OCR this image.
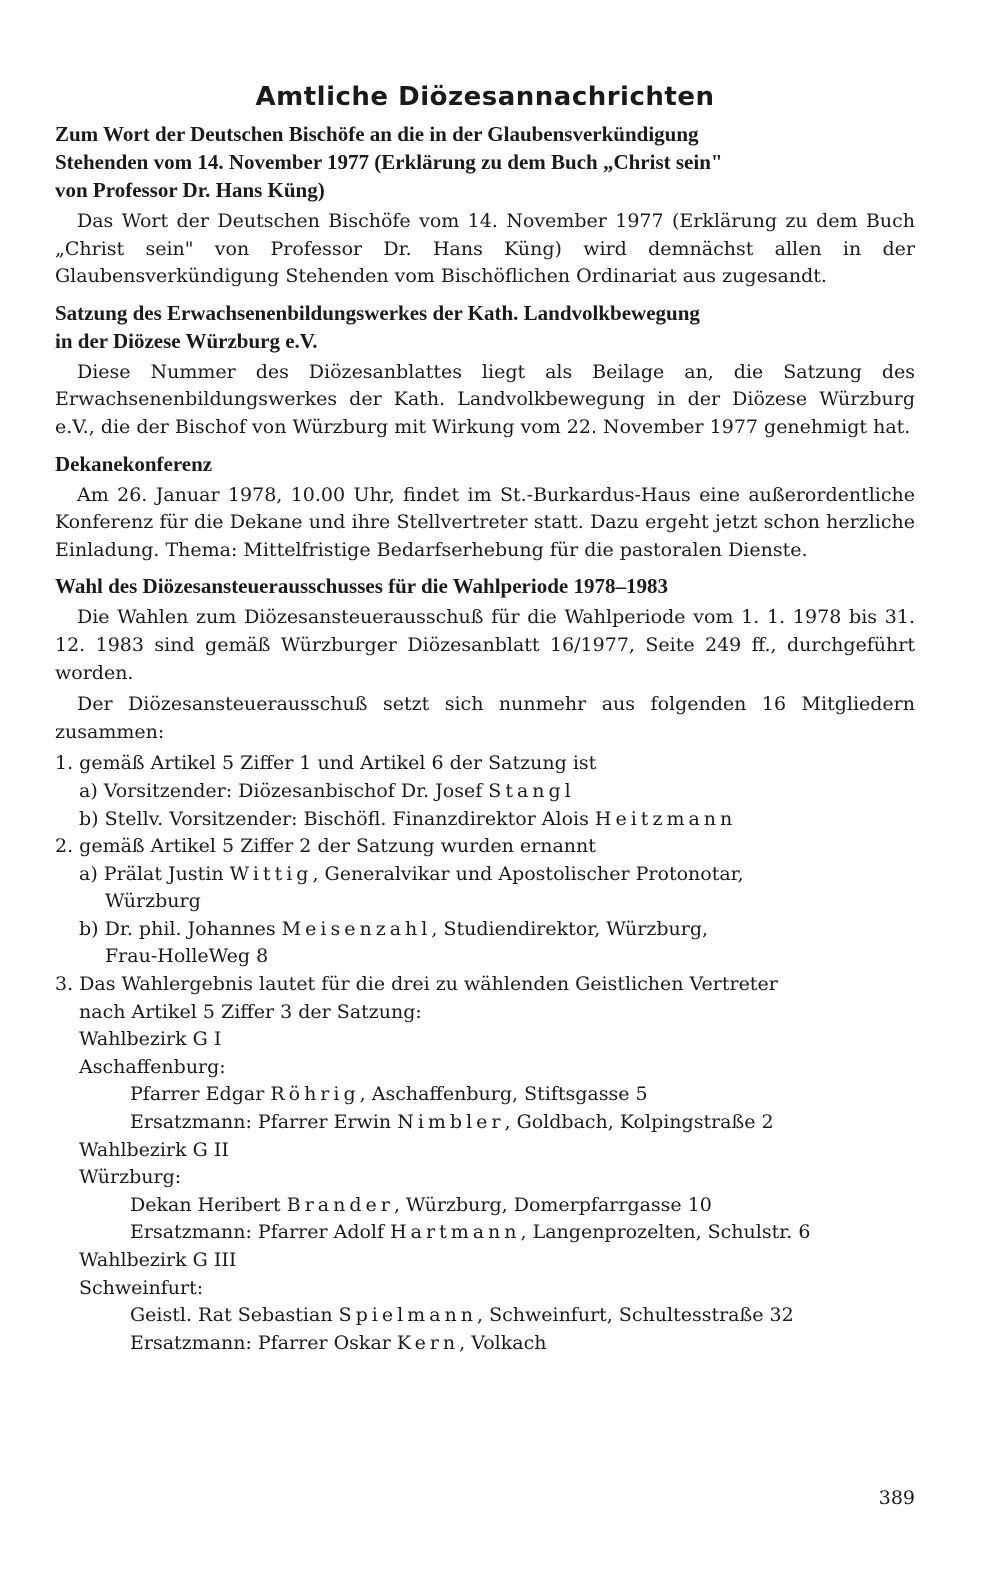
Amtliche Diözesannachrichten

Zum Wort der Deutschen Bischöfe an die in der Glaubensverkündigung
Stehenden vom 14. November 1977 (Erklärung zu dem Buch „Christ sein"
von Professor Dr. Hans Küng)

Das Wort der Deutschen Bischöfe vom 14. November 1977 (Erklärung zu dem Buch „Christ sein" von Professor Dr. Hans Küng) wird demnächst allen in der Glaubensverkündigung Stehenden vom Bischöflichen Ordinariat aus zugesandt.

Satzung des Erwachsenenbildungswerkes der Kath. Landvolkbewegung
in der Diözese Würzburg e.V.

Diese Nummer des Diözesanblattes liegt als Beilage an, die Satzung des Erwachsenenbildungswerkes der Kath. Landvolkbewegung in der Diözese Würzburg e.V., die der Bischof von Würzburg mit Wirkung vom 22. November 1977 genehmigt hat.

Dekanekonferenz

Am 26. Januar 1978, 10.00 Uhr, findet im St.-Burkardus-Haus eine außerordentliche Konferenz für die Dekane und ihre Stellvertreter statt. Dazu ergeht jetzt schon herzliche Einladung. Thema: Mittelfristige Bedarfserhebung für die pastoralen Dienste.

Wahl des Diözesansteuerausschusses für die Wahlperiode 1978–1983

Die Wahlen zum Diözesansteuerausschuß für die Wahlperiode vom 1. 1. 1978 bis 31. 12. 1983 sind gemäß Würzburger Diözesanblatt 16/1977, Seite 249 ff., durchgeführt worden.

Der Diözesansteuerausschuß setzt sich nunmehr aus folgenden 16 Mitgliedern zusammen:

1. gemäß Artikel 5 Ziffer 1 und Artikel 6 der Satzung ist
a) Vorsitzender: Diözesanbischof Dr. Josef Stangl
b) Stellv. Vorsitzender: Bischöfl. Finanzdirektor Alois Heitzmann
2. gemäß Artikel 5 Ziffer 2 der Satzung wurden ernannt
a) Prälat Justin Wittig, Generalvikar und Apostolischer Protonotar,
Würzburg
b) Dr. phil. Johannes Meisenzahl, Studiendirektor, Würzburg,
Frau-HolleWeg 8
3. Das Wahlergebnis lautet für die drei zu wählenden Geistlichen Vertreter
nach Artikel 5 Ziffer 3 der Satzung:
Wahlbezirk G I
Aschaffenburg:
Pfarrer Edgar Röhrig, Aschaffenburg, Stiftsgasse 5
Ersatzmann: Pfarrer Erwin Nimbler, Goldbach, Kolpingstraße 2
Wahlbezirk G II
Würzburg:
Dekan Heribert Brander, Würzburg, Domerpfarrgasse 10
Ersatzmann: Pfarrer Adolf Hartmann, Langenprozelten, Schulstr. 6
Wahlbezirk G III
Schweinfurt:
Geistl. Rat Sebastian Spielmann, Schweinfurt, Schultesstraße 32
Ersatzmann: Pfarrer Oskar Kern, Volkach
389
